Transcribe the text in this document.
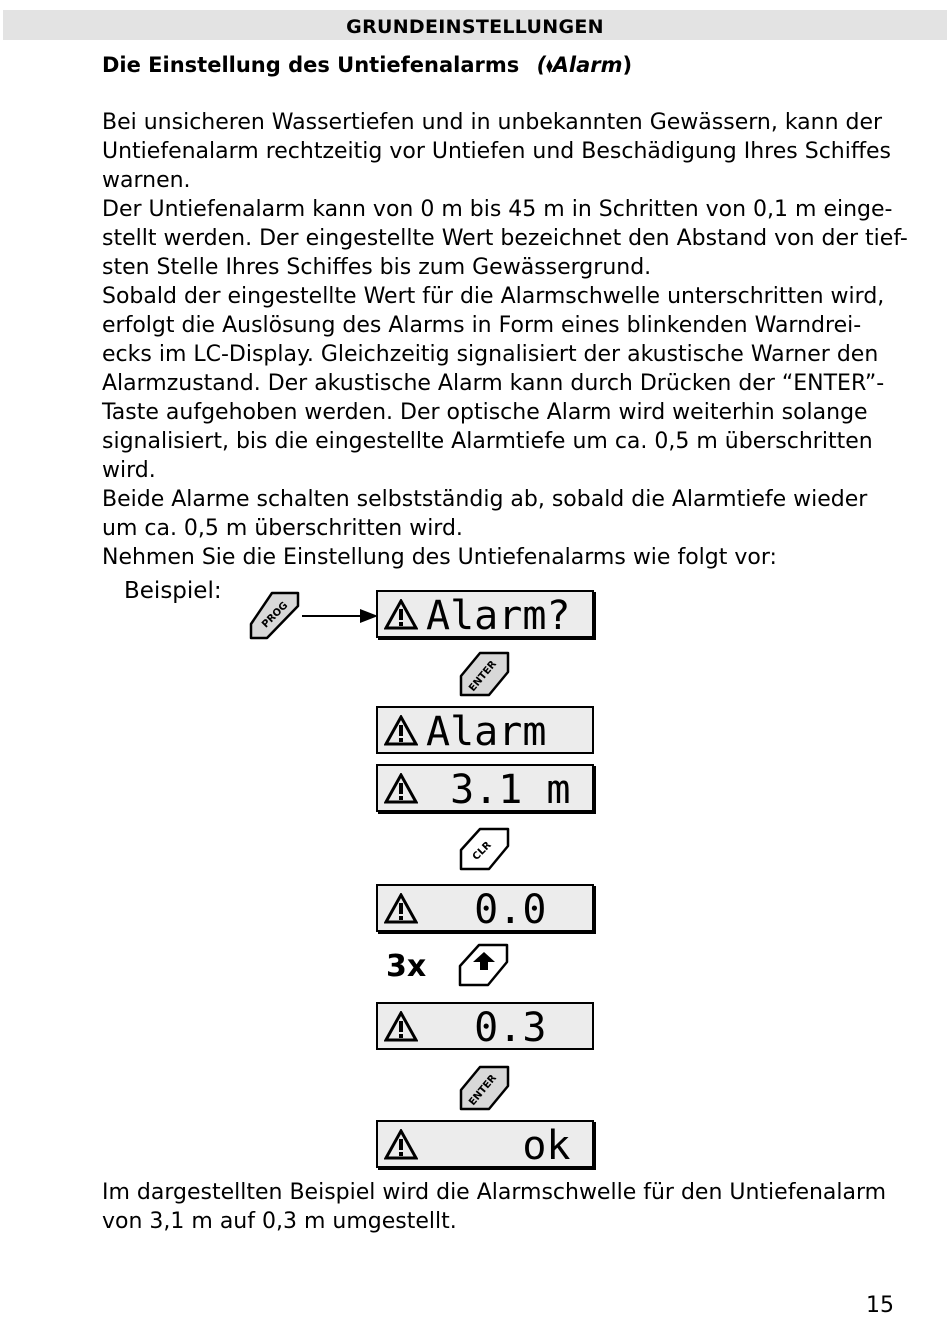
GRUNDEINSTELLUNGEN
Die Einstellung des Untiefenalarms (⧫Alarm)

Bei unsicheren Wassertiefen und in unbekannten Gewässern, kann der

Untiefenalarm rechtzeitig vor Untiefen und Beschädigung Ihres Schiffes

warnen.

Der Untiefenalarm kann von 0 m bis 45 m in Schritten von 0,1 m einge-

stellt werden. Der eingestellte Wert bezeichnet den Abstand von der tief-

sten Stelle Ihres Schiffes bis zum Gewässergrund.

Sobald der eingestellte Wert für die Alarmschwelle unterschritten wird,

erfolgt die Auslösung des Alarms in Form eines blinkenden Warndrei-

ecks im LC-Display. Gleichzeitig signalisiert der akustische Warner den

Alarmzustand. Der akustische Alarm kann durch Drücken der “ENTER”-

Taste aufgehoben werden. Der optische Alarm wird weiterhin solange

signalisiert, bis die eingestellte Alarmtiefe um ca. 0,5 m überschritten

wird.

Beide Alarme schalten selbstständig ab, sobald die Alarmtiefe wieder

um ca. 0,5 m überschritten wird.

Nehmen Sie die Einstellung des Untiefenalarms wie folgt vor:

Beispiel:
PROG	Alarm?
ENTER
Alarm
3.1 m
CLR
0.0
3x
0.3
ENTER
ok

Im dargestellten Beispiel wird die Alarmschwelle für den Untiefenalarm

von 3,1 m auf 0,3 m umgestellt.

15
